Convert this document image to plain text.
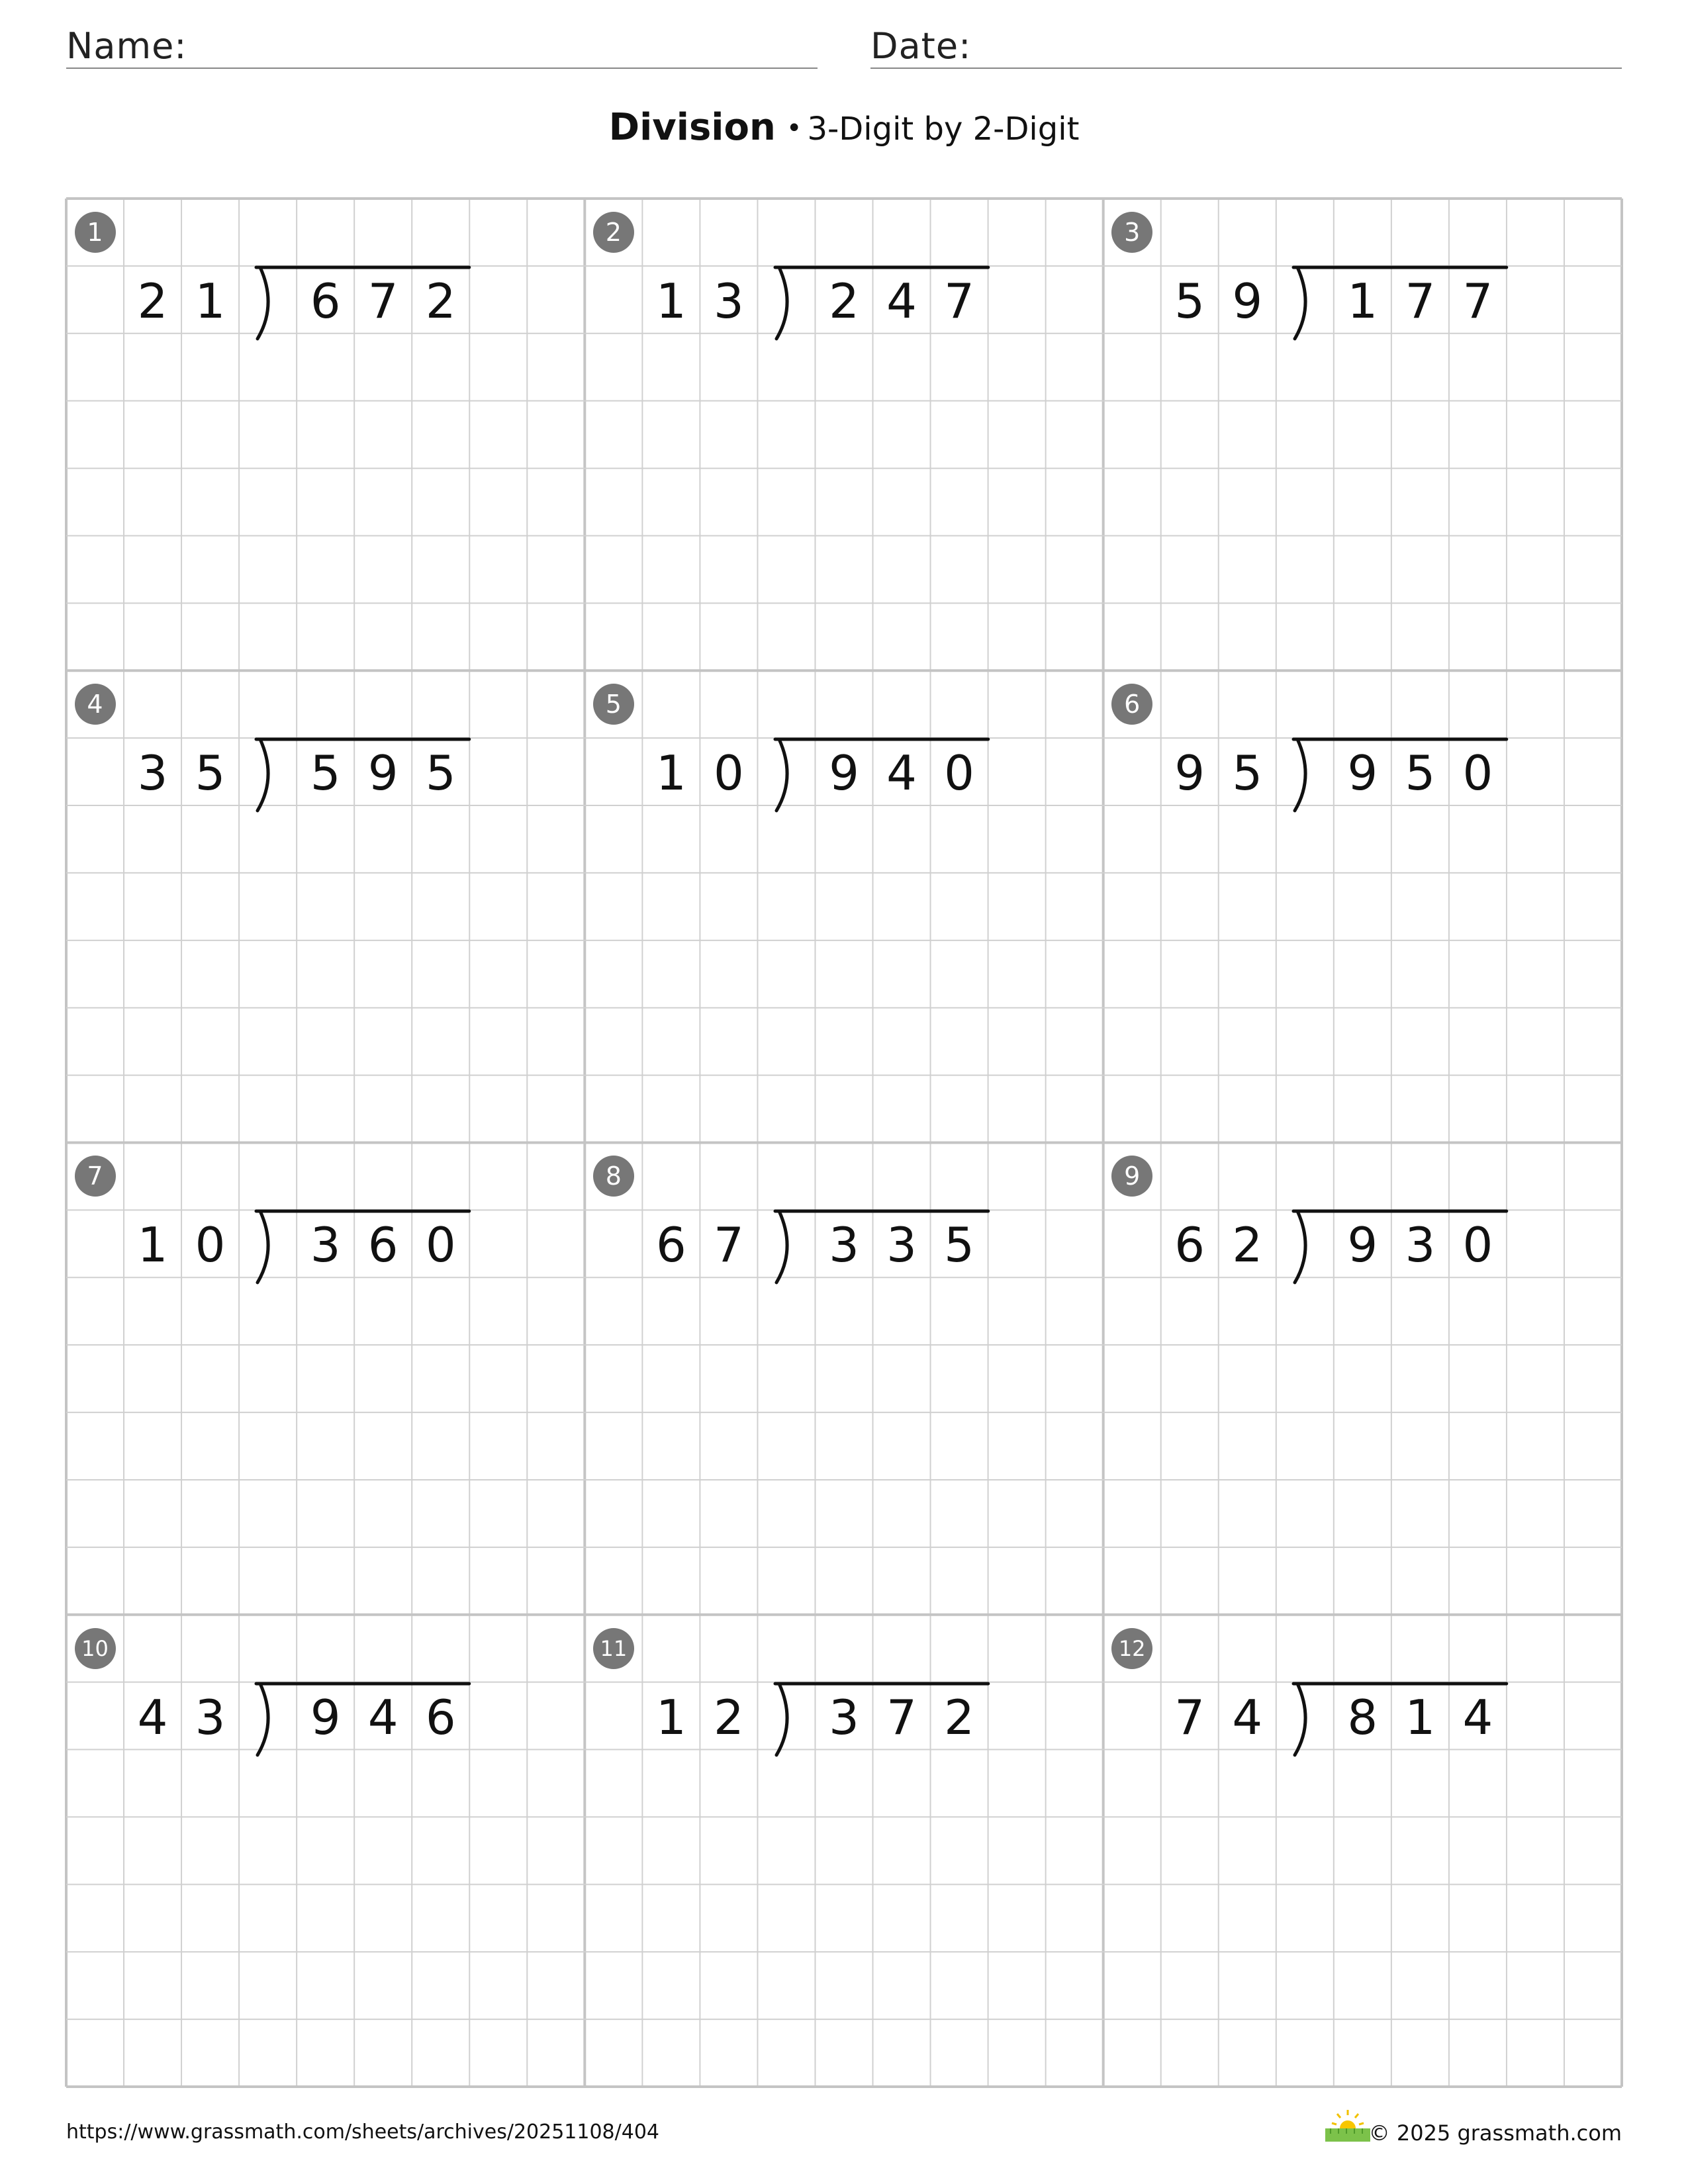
Name:	Date:
Division • 3-Digit by 2-Digit
1
2 1 6 7 2
2
1 3 2 4 7
3
5 9 1 7 7
4
3 5 5 9 5
5
1 0 9 4 0
6
9 5 9 5 0
7
1 0 3 6 0
8
6 7 3 3 5
9
6 2 9 3 0
10
4 3 9 4 6
11
1 2 3 7 2
12
7 4 8 1 4
https://www.grassmath.com/sheets/archives/20251108/404	© 2025 grassmath.com
